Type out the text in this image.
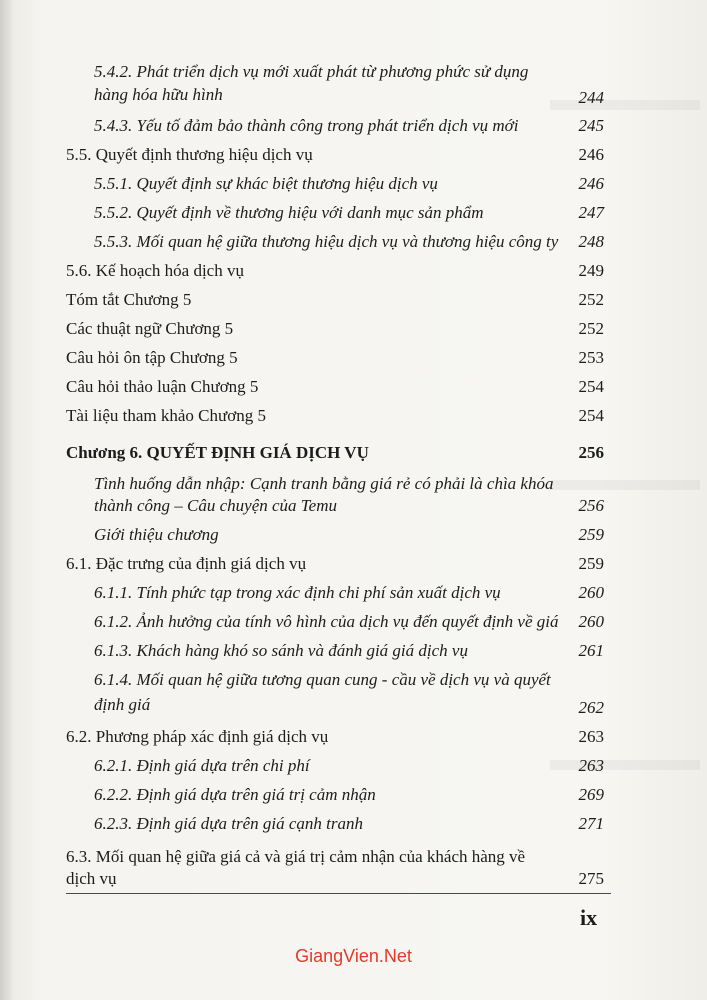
5.4.2. Phát triển dịch vụ mới xuất phát từ phương phức sử dụng
hàng hóa hữu hình	244
5.4.3. Yếu tố đảm bảo thành công trong phát triển dịch vụ mới	245
5.5. Quyết định thương hiệu dịch vụ	246
5.5.1. Quyết định sự khác biệt thương hiệu dịch vụ	246
5.5.2. Quyết định về thương hiệu với danh mục sản phẩm	247
5.5.3. Mối quan hệ giữa thương hiệu dịch vụ và thương hiệu công ty	248
5.6. Kế hoạch hóa dịch vụ	249
Tóm tắt Chương 5	252
Các thuật ngữ Chương 5	252
Câu hỏi ôn tập Chương 5	253
Câu hỏi thảo luận Chương 5	254
Tài liệu tham khảo Chương 5	254
Chương 6. QUYẾT ĐỊNH GIÁ DỊCH VỤ	256
Tình huống dẫn nhập: Cạnh tranh bằng giá rẻ có phải là chìa khóa
thành công – Câu chuyện của Temu	256
Giới thiệu chương	259
6.1. Đặc trưng của định giá dịch vụ	259
6.1.1. Tính phức tạp trong xác định chi phí sản xuất dịch vụ	260
6.1.2. Ảnh hưởng của tính vô hình của dịch vụ đến quyết định về giá	260
6.1.3. Khách hàng khó so sánh và đánh giá giá dịch vụ	261
6.1.4. Mối quan hệ giữa tương quan cung - cầu về dịch vụ và quyết
định giá	262
6.2. Phương pháp xác định giá dịch vụ	263
6.2.1. Định giá dựa trên chi phí	263
6.2.2. Định giá dựa trên giá trị cảm nhận	269
6.2.3. Định giá dựa trên giá cạnh tranh	271
6.3. Mối quan hệ giữa giá cả và giá trị cảm nhận của khách hàng về
dịch vụ	275
ix
GiangVien.Net
